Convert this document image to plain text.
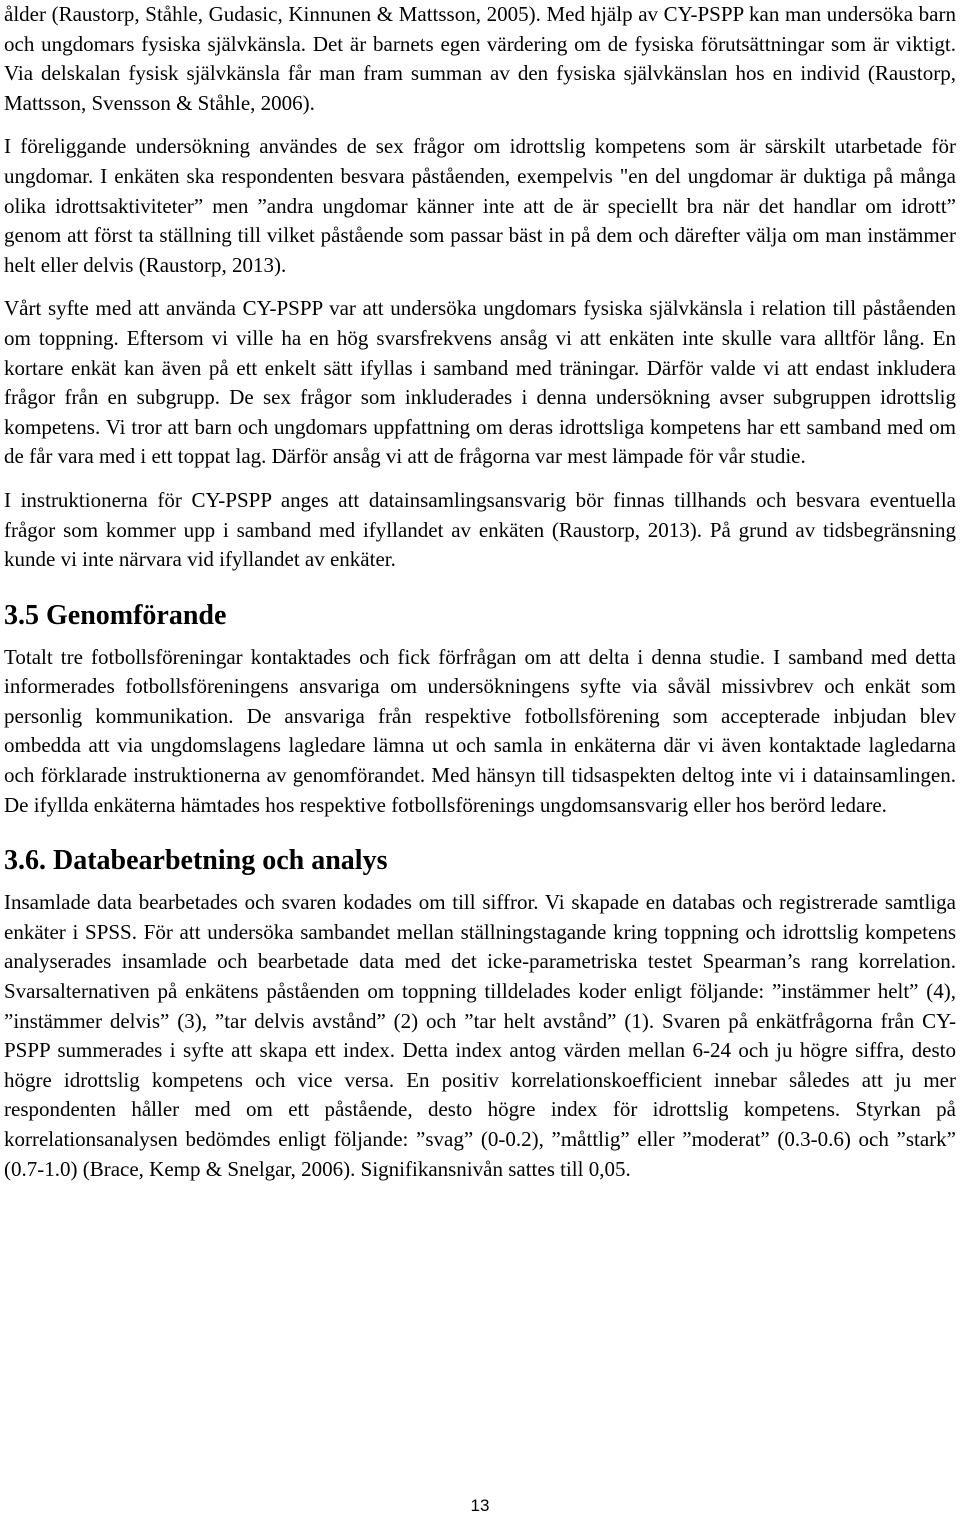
ålder (Raustorp, Ståhle, Gudasic, Kinnunen & Mattsson, 2005). Med hjälp av CY-PSPP kan man undersöka barn och ungdomars fysiska självkänsla. Det är barnets egen värdering om de fysiska förutsättningar som är viktigt. Via delskalan fysisk självkänsla får man fram summan av den fysiska självkänslan hos en individ (Raustorp, Mattsson, Svensson & Ståhle, 2006).

I föreliggande undersökning användes de sex frågor om idrottslig kompetens som är särskilt utarbetade för ungdomar. I enkäten ska respondenten besvara påståenden, exempelvis "en del ungdomar är duktiga på många olika idrottsaktiviteter” men ”andra ungdomar känner inte att de är speciellt bra när det handlar om idrott” genom att först ta ställning till vilket påstående som passar bäst in på dem och därefter välja om man instämmer helt eller delvis (Raustorp, 2013).

Vårt syfte med att använda CY-PSPP var att undersöka ungdomars fysiska självkänsla i relation till påståenden om toppning. Eftersom vi ville ha en hög svarsfrekvens ansåg vi att enkäten inte skulle vara alltför lång. En kortare enkät kan även på ett enkelt sätt ifyllas i samband med träningar. Därför valde vi att endast inkludera frågor från en subgrupp. De sex frågor som inkluderades i denna undersökning avser subgruppen idrottslig kompetens. Vi tror att barn och ungdomars uppfattning om deras idrottsliga kompetens har ett samband med om de får vara med i ett toppat lag. Därför ansåg vi att de frågorna var mest lämpade för vår studie.

I instruktionerna för CY-PSPP anges att datainsamlingsansvarig bör finnas tillhands och besvara eventuella frågor som kommer upp i samband med ifyllandet av enkäten (Raustorp, 2013). På grund av tidsbegränsning kunde vi inte närvara vid ifyllandet av enkäter.

3.5 Genomförande

Totalt tre fotbollsföreningar kontaktades och fick förfrågan om att delta i denna studie. I samband med detta informerades fotbollsföreningens ansvariga om undersökningens syfte via såväl missivbrev och enkät som personlig kommunikation. De ansvariga från respektive fotbollsförening som accepterade inbjudan blev ombedda att via ungdomslagens lagledare lämna ut och samla in enkäterna där vi även kontaktade lagledarna och förklarade instruktionerna av genomförandet. Med hänsyn till tidsaspekten deltog inte vi i datainsamlingen. De ifyllda enkäterna hämtades hos respektive fotbollsförenings ungdomsansvarig eller hos berörd ledare.

3.6. Databearbetning och analys

Insamlade data bearbetades och svaren kodades om till siffror. Vi skapade en databas och registrerade samtliga enkäter i SPSS. För att undersöka sambandet mellan ställningstagande kring toppning och idrottslig kompetens analyserades insamlade och bearbetade data med det icke-parametriska testet Spearman’s rang korrelation. Svarsalternativen på enkätens påståenden om toppning tilldelades koder enligt följande: ”instämmer helt” (4), ”instämmer delvis” (3), ”tar delvis avstånd” (2) och ”tar helt avstånd” (1). Svaren på enkätfrågorna från CY-PSPP summerades i syfte att skapa ett index. Detta index antog värden mellan 6-24 och ju högre siffra, desto högre idrottslig kompetens och vice versa. En positiv korrelationskoefficient innebar således att ju mer respondenten håller med om ett påstående, desto högre index för idrottslig kompetens. Styrkan på korrelationsanalysen bedömdes enligt följande: ”svag” (0-0.2), ”måttlig” eller ”moderat” (0.3-0.6) och ”stark” (0.7-1.0) (Brace, Kemp & Snelgar, 2006). Signifikansnivån sattes till 0,05.

13
